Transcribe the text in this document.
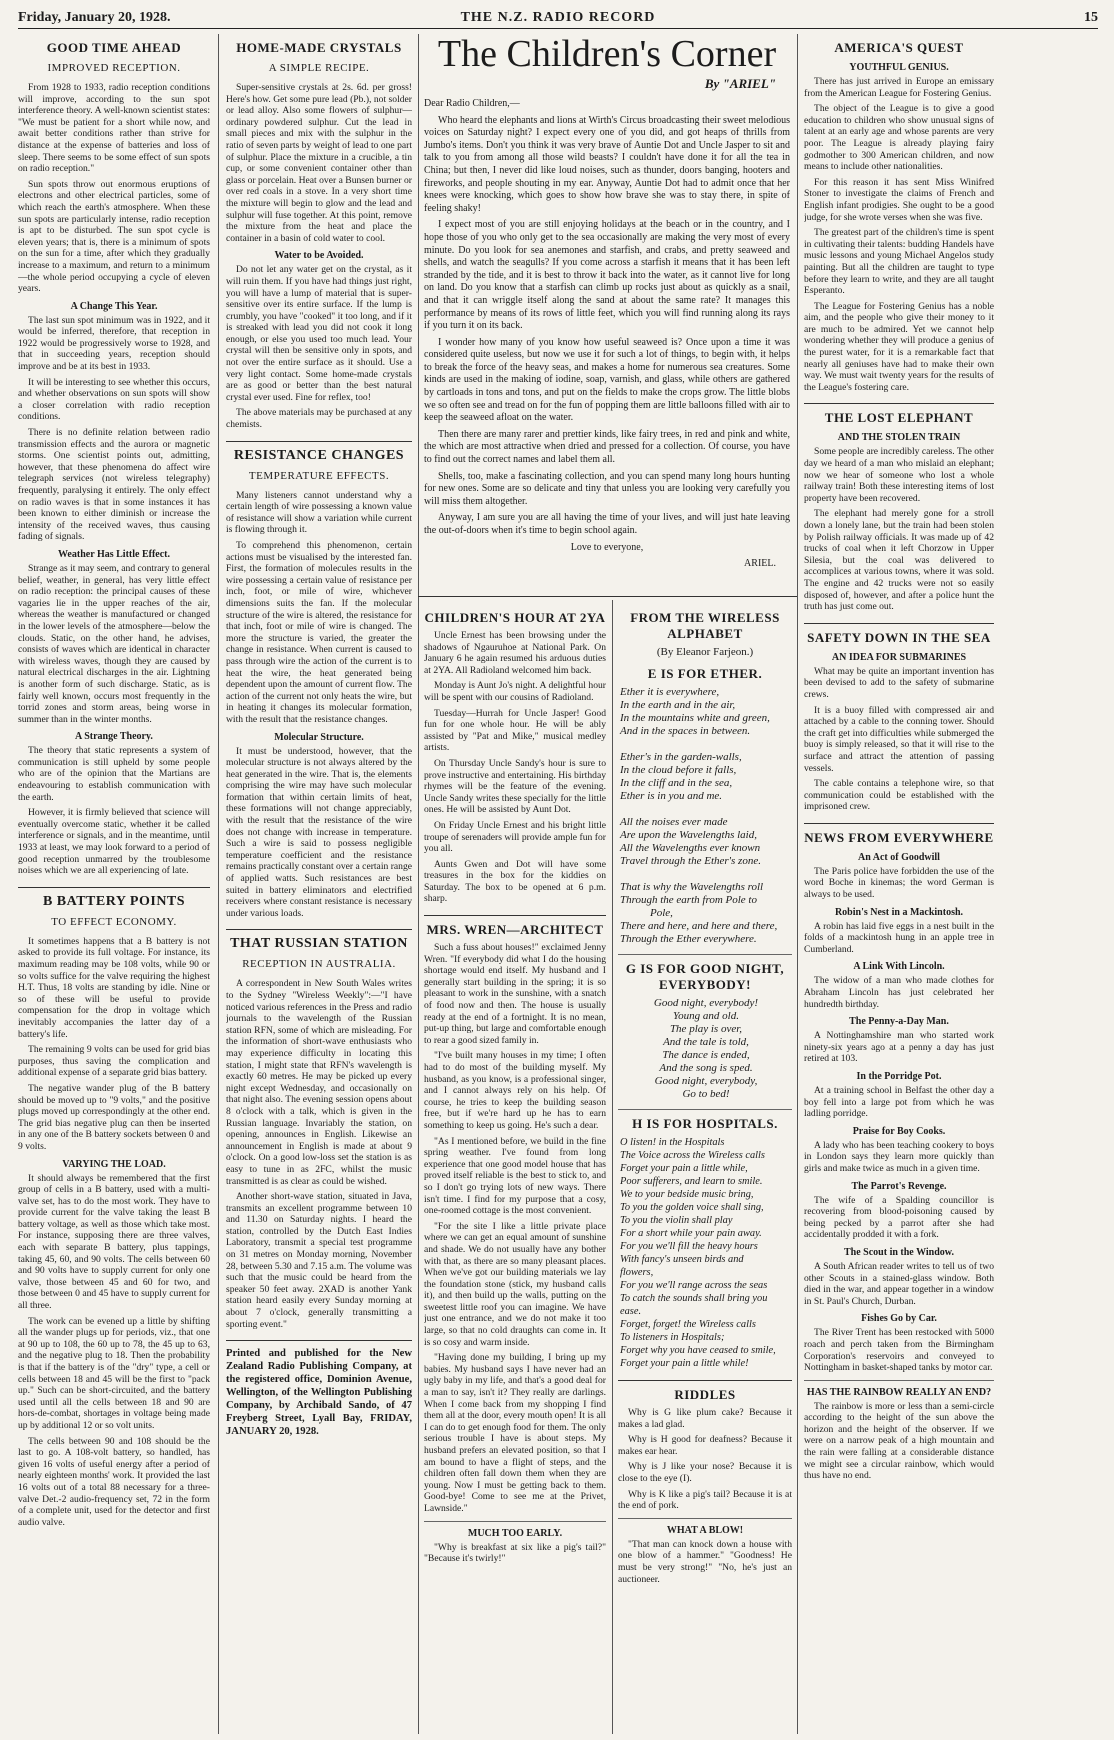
Friday, January 20, 1928.	THE N.Z. RADIO RECORD	15
GOOD TIME AHEAD
IMPROVED RECEPTION.

From 1928 to 1933, radio reception conditions will improve, according to the sun spot interference theory. A well-known scientist states: "We must be patient for a short while now, and await better conditions rather than strive for distance at the expense of batteries and loss of sleep. There seems to be some effect of sun spots on radio reception."

Sun spots throw out enormous eruptions of electrons and other electrical particles, some of which reach the earth's atmosphere. When these sun spots are particularly intense, radio reception is apt to be disturbed. The sun spot cycle is eleven years; that is, there is a minimum of spots on the sun for a time, after which they gradually increase to a maximum, and return to a minimum—the whole period occupying a cycle of eleven years.

A Change This Year.

The last sun spot minimum was in 1922, and it would be inferred, therefore, that reception in 1922 would be progressively worse to 1928, and that in succeeding years, reception should improve and be at its best in 1933.

It will be interesting to see whether this occurs, and whether observations on sun spots will show a closer correlation with radio reception conditions.

There is no definite relation between radio transmission effects and the aurora or magnetic storms. One scientist points out, admitting, however, that these phenomena do affect wire telegraph services (not wireless telegraphy) frequently, paralysing it entirely. The only effect on radio waves is that in some instances it has been known to either diminish or increase the intensity of the received waves, thus causing fading of signals.

Weather Has Little Effect.

Strange as it may seem, and contrary to general belief, weather, in general, has very little effect on radio reception: the principal causes of these vagaries lie in the upper reaches of the air, whereas the weather is manufactured or changed in the lower levels of the atmosphere—below the clouds. Static, on the other hand, he advises, consists of waves which are identical in character with wireless waves, though they are caused by natural electrical discharges in the air. Lightning is another form of such discharge. Static, as is fairly well known, occurs most frequently in the torrid zones and storm areas, being worse in summer than in the winter months.

A Strange Theory.

The theory that static represents a system of communication is still upheld by some people who are of the opinion that the Martians are endeavouring to establish communication with the earth.

However, it is firmly believed that science will eventually overcome static, whether it be called interference or signals, and in the meantime, until 1933 at least, we may look forward to a period of good reception unmarred by the troublesome noises which we are all experiencing of late.

B BATTERY POINTS
TO EFFECT ECONOMY.

It sometimes happens that a B battery is not asked to provide its full voltage. For instance, its maximum reading may be 108 volts, while 90 or so volts suffice for the valve requiring the highest H.T. Thus, 18 volts are standing by idle. Nine or so of these will be useful to provide compensation for the drop in voltage which inevitably accompanies the latter day of a battery's life.

The remaining 9 volts can be used for grid bias purposes, thus saving the complication and additional expense of a separate grid bias battery.

The negative wander plug of the B battery should be moved up to "9 volts," and the positive plugs moved up correspondingly at the other end. The grid bias negative plug can then be inserted in any one of the B battery sockets between 0 and 9 volts.

VARYING THE LOAD.

It should always be remembered that the first group of cells in a B battery, used with a multi-valve set, has to do the most work. They have to provide current for the valve taking the least B battery voltage, as well as those which take most. For instance, supposing there are three valves, each with separate B battery, plus tappings, taking 45, 60, and 90 volts. The cells between 60 and 90 volts have to supply current for only one valve, those between 45 and 60 for two, and those between 0 and 45 have to supply current for all three.

The work can be evened up a little by shifting all the wander plugs up for periods, viz., that one at 90 up to 108, the 60 up to 78, the 45 up to 63, and the negative plug to 18. Then the probability is that if the battery is of the "dry" type, a cell or cells between 18 and 45 will be the first to "pack up." Such can be short-circuited, and the battery used until all the cells between 18 and 90 are hors-de-combat, shortages in voltage being made up by additional 12 or so volt units.

The cells between 90 and 108 should be the last to go. A 108-volt battery, so handled, has given 16 volts of useful energy after a period of nearly eighteen months' work. It provided the last 16 volts out of a total 88 necessary for a three-valve Det.-2 audio-frequency set, 72 in the form of a complete unit, used for the detector and first audio valve.

HOME-MADE CRYSTALS
A SIMPLE RECIPE.

Super-sensitive crystals at 2s. 6d. per gross! Here's how. Get some pure lead (Pb.), not solder or lead alloy. Also some flowers of sulphur—ordinary powdered sulphur. Cut the lead in small pieces and mix with the sulphur in the ratio of seven parts by weight of lead to one part of sulphur. Place the mixture in a crucible, a tin cup, or some convenient container other than glass or porcelain. Heat over a Bunsen burner or over red coals in a stove. In a very short time the mixture will begin to glow and the lead and sulphur will fuse together. At this point, remove the mixture from the heat and place the container in a basin of cold water to cool.

Water to be Avoided.

Do not let any water get on the crystal, as it will ruin them. If you have had things just right, you will have a lump of material that is super-sensitive over its entire surface. If the lump is crumbly, you have "cooked" it too long, and if it is streaked with lead you did not cook it long enough, or else you used too much lead. Your crystal will then be sensitive only in spots, and not over the entire surface as it should. Use a very light contact. Some home-made crystals are as good or better than the best natural crystal ever used. Fine for reflex, too!

The above materials may be purchased at any chemists.

RESISTANCE CHANGES
TEMPERATURE EFFECTS.

Many listeners cannot understand why a certain length of wire possessing a known value of resistance will show a variation while current is flowing through it.

To comprehend this phenomenon, certain actions must be visualised by the interested fan. First, the formation of molecules results in the wire possessing a certain value of resistance per inch, foot, or mile of wire, whichever dimensions suits the fan. If the molecular structure of the wire is altered, the resistance for that inch, foot or mile of wire is changed. The more the structure is varied, the greater the change in resistance. When current is caused to pass through wire the action of the current is to heat the wire, the heat generated being dependent upon the amount of current flow. The action of the current not only heats the wire, but in heating it changes its molecular formation, with the result that the resistance changes.

Molecular Structure.

It must be understood, however, that the molecular structure is not always altered by the heat generated in the wire. That is, the elements comprising the wire may have such molecular formation that within certain limits of heat, these formations will not change appreciably, with the result that the resistance of the wire does not change with increase in temperature. Such a wire is said to possess negligible temperature coefficient and the resistance remains practically constant over a certain range of applied watts. Such resistances are best suited in battery eliminators and electrified receivers where constant resistance is necessary under various loads.

THAT RUSSIAN STATION
RECEPTION IN AUSTRALIA.

A correspondent in New South Wales writes to the Sydney "Wireless Weekly":—"I have noticed various references in the Press and radio journals to the wavelength of the Russian station RFN, some of which are misleading. For the information of short-wave enthusiasts who may experience difficulty in locating this station, I might state that RFN's wavelength is exactly 60 metres. He may be picked up every night except Wednesday, and occasionally on that night also. The evening session opens about 8 o'clock with a talk, which is given in the Russian language. Invariably the station, on opening, announces in English. Likewise an announcement in English is made at about 9 o'clock. On a good low-loss set the station is as easy to tune in as 2FC, whilst the music transmitted is as clear as could be wished.

Another short-wave station, situated in Java, transmits an excellent programme between 10 and 11.30 on Saturday nights. I heard the station, controlled by the Dutch East Indies Laboratory, transmit a special test programme on 31 metres on Monday morning, November 28, between 5.30 and 7.15 a.m. The volume was such that the music could be heard from the speaker 50 feet away. 2XAD is another Yank station heard easily every Sunday morning at about 7 o'clock, generally transmitting a sporting event."

Printed and published for the New Zealand Radio Publishing Company, at the registered office, Dominion Avenue, Wellington, of the Wellington Publishing Company, by Archibald Sando, of 47 Freyberg Street, Lyall Bay, FRIDAY, JANUARY 20, 1928.

The Children's Corner
By "ARIEL"

Dear Radio Children,—

Who heard the elephants and lions at Wirth's Circus broadcasting their sweet melodious voices on Saturday night? I expect every one of you did, and got heaps of thrills from Jumbo's items. Don't you think it was very brave of Auntie Dot and Uncle Jasper to sit and talk to you from among all those wild beasts? I couldn't have done it for all the tea in China; but then, I never did like loud noises, such as thunder, doors banging, hooters and fireworks, and people shouting in my ear. Anyway, Auntie Dot had to admit once that her knees were knocking, which goes to show how brave she was to stay there, in spite of feeling shaky!

I expect most of you are still enjoying holidays at the beach or in the country, and I hope those of you who only get to the sea occasionally are making the very most of every minute. Do you look for sea anemones and starfish, and crabs, and pretty seaweed and shells, and watch the seagulls? If you come across a starfish it means that it has been left stranded by the tide, and it is best to throw it back into the water, as it cannot live for long on land. Do you know that a starfish can climb up rocks just about as quickly as a snail, and that it can wriggle itself along the sand at about the same rate? It manages this performance by means of its rows of little feet, which you will find running along its rays if you turn it on its back.

I wonder how many of you know how useful seaweed is? Once upon a time it was considered quite useless, but now we use it for such a lot of things, to begin with, it helps to break the force of the heavy seas, and makes a home for numerous sea creatures. Some kinds are used in the making of iodine, soap, varnish, and glass, while others are gathered by cartloads in tons and tons, and put on the fields to make the crops grow. The little blobs we so often see and tread on for the fun of popping them are little balloons filled with air to keep the seaweed afloat on the water.

Then there are many rarer and prettier kinds, like fairy trees, in red and pink and white, the which are most attractive when dried and pressed for a collection. Of course, you have to find out the correct names and label them all.

Shells, too, make a fascinating collection, and you can spend many long hours hunting for new ones. Some are so delicate and tiny that unless you are looking very carefully you will miss them altogether.

Anyway, I am sure you are all having the time of your lives, and will just hate leaving the out-of-doors when it's time to begin school again.

Love to everyone,

ARIEL.
CHILDREN'S HOUR AT 2YA

Uncle Ernest has been browsing under the shadows of Ngauruhoe at National Park. On January 6 he again resumed his arduous duties at 2YA. All Radioland welcomed him back.

Monday is Aunt Jo's night. A delightful hour will be spent with our cousins of Radioland.

Tuesday—Hurrah for Uncle Jasper! Good fun for one whole hour. He will be ably assisted by "Pat and Mike," musical medley artists.

On Thursday Uncle Sandy's hour is sure to prove instructive and entertaining. His birthday rhymes will be the feature of the evening. Uncle Sandy writes these specially for the little ones. He will be assisted by Aunt Dot.

On Friday Uncle Ernest and his bright little troupe of serenaders will provide ample fun for you all.

Aunts Gwen and Dot will have some treasures in the box for the kiddies on Saturday. The box to be opened at 6 p.m. sharp.

MRS. WREN—ARCHITECT

Such a fuss about houses!" exclaimed Jenny Wren. "If everybody did what I do the housing shortage would end itself. My husband and I generally start building in the spring; it is so pleasant to work in the sunshine, with a snatch of food now and then. The house is usually ready at the end of a fortnight. It is no mean, put-up thing, but large and comfortable enough to rear a good sized family in.

"I've built many houses in my time; I often had to do most of the building myself. My husband, as you know, is a professional singer, and I cannot always rely on his help. Of course, he tries to keep the building season free, but if we're hard up he has to earn something to keep us going. He's such a dear.

"As I mentioned before, we build in the fine spring weather. I've found from long experience that one good model house that has proved itself reliable is the best to stick to, and so I don't go trying lots of new ways. There isn't time. I find for my purpose that a cosy, one-roomed cottage is the most convenient.

"For the site I like a little private place where we can get an equal amount of sunshine and shade. We do not usually have any bother with that, as there are so many pleasant places. When we've got our building materials we lay the foundation stone (stick, my husband calls it), and then build up the walls, putting on the sweetest little roof you can imagine. We have just one entrance, and we do not make it too large, so that no cold draughts can come in. It is so cosy and warm inside.

"Having done my building, I bring up my babies. My husband says I have never had an ugly baby in my life, and that's a good deal for a man to say, isn't it? They really are darlings. When I come back from my shopping I find them all at the door, every mouth open! It is all I can do to get enough food for them. The only serious trouble I have is about steps. My husband prefers an elevated position, so that I am bound to have a flight of steps, and the children often fall down them when they are young. Now I must be getting back to them. Good-bye! Come to see me at the Privet, Lawnside."

MUCH TOO EARLY.

"Why is breakfast at six like a pig's tail?" "Because it's twirly!"

FROM THE WIRELESS ALPHABET
(By Eleanor Farjeon.)
E IS FOR ETHER.
Ether it is everywhere,
In the earth and in the air,
In the mountains white and green,
And in the spaces in between.

Ether's in the garden-walls,
In the cloud before it falls,
In the cliff and in the sea,
Ether is in you and me.

All the noises ever made
Are upon the Wavelengths laid,
All the Wavelengths ever known
Travel through the Ether's zone.

That is why the Wavelengths roll
Through the earth from Pole to
Pole,
There and here, and here and there,
Through the Ether everywhere.
G IS FOR GOOD NIGHT, EVERYBODY!
Good night, everybody!
Young and old.
The play is over,
And the tale is told,
The dance is ended,
And the song is sped.
Good night, everybody,
Go to bed!
H IS FOR HOSPITALS.
O listen! in the Hospitals
The Voice across the Wireless calls
Forget your pain a little while,
Poor sufferers, and learn to smile.
We to your bedside music bring,
To you the golden voice shall sing,
To you the violin shall play
For a short while your pain away.
For you we'll fill the heavy hours
With fancy's unseen birds and
flowers,
For you we'll range across the seas
To catch the sounds shall bring you
ease.
Forget, forget! the Wireless calls
To listeners in Hospitals;
Forget why you have ceased to smile,
Forget your pain a little while!
RIDDLES

Why is G like plum cake? Because it makes a lad glad.

Why is H good for deafness? Because it makes ear hear.

Why is J like your nose? Because it is close to the eye (I).

Why is K like a pig's tail? Because it is at the end of pork.

WHAT A BLOW!

"That man can knock down a house with one blow of a hammer." "Goodness! He must be very strong!" "No, he's just an auctioneer.

AMERICA'S QUEST
YOUTHFUL GENIUS.

There has just arrived in Europe an emissary from the American League for Fostering Genius.

The object of the League is to give a good education to children who show unusual signs of talent at an early age and whose parents are very poor. The League is already playing fairy godmother to 300 American children, and now means to include other nationalities.

For this reason it has sent Miss Winifred Stoner to investigate the claims of French and English infant prodigies. She ought to be a good judge, for she wrote verses when she was five.

The greatest part of the children's time is spent in cultivating their talents: budding Handels have music lessons and young Michael Angelos study painting. But all the children are taught to type before they learn to write, and they are all taught Esperanto.

The League for Fostering Genius has a noble aim, and the people who give their money to it are much to be admired. Yet we cannot help wondering whether they will produce a genius of the purest water, for it is a remarkable fact that nearly all geniuses have had to make their own way. We must wait twenty years for the results of the League's fostering care.

THE LOST ELEPHANT
AND THE STOLEN TRAIN

Some people are incredibly careless. The other day we heard of a man who mislaid an elephant; now we hear of someone who lost a whole railway train! Both these interesting items of lost property have been recovered.

The elephant had merely gone for a stroll down a lonely lane, but the train had been stolen by Polish railway officials. It was made up of 42 trucks of coal when it left Chorzow in Upper Silesia, but the coal was delivered to accomplices at various towns, where it was sold. The engine and 42 trucks were not so easily disposed of, however, and after a police hunt the truth has just come out.

SAFETY DOWN IN THE SEA
AN IDEA FOR SUBMARINES

What may be quite an important invention has been devised to add to the safety of submarine crews.

It is a buoy filled with compressed air and attached by a cable to the conning tower. Should the craft get into difficulties while submerged the buoy is simply released, so that it will rise to the surface and attract the attention of passing vessels.

The cable contains a telephone wire, so that communication could be established with the imprisoned crew.

NEWS FROM EVERYWHERE
An Act of Goodwill

The Paris police have forbidden the use of the word Boche in kinemas; the word German is always to be used.

Robin's Nest in a Mackintosh.

A robin has laid five eggs in a nest built in the folds of a mackintosh hung in an apple tree in Cumberland.

A Link With Lincoln.

The widow of a man who made clothes for Abraham Lincoln has just celebrated her hundredth birthday.

The Penny-a-Day Man.

A Nottinghamshire man who started work ninety-six years ago at a penny a day has just retired at 103.

In the Porridge Pot.

At a training school in Belfast the other day a boy fell into a large pot from which he was ladling porridge.

Praise for Boy Cooks.

A lady who has been teaching cookery to boys in London says they learn more quickly than girls and make twice as much in a given time.

The Parrot's Revenge.

The wife of a Spalding councillor is recovering from blood-poisoning caused by being pecked by a parrot after she had accidentally prodded it with a fork.

The Scout in the Window.

A South African reader writes to tell us of two other Scouts in a stained-glass window. Both died in the war, and appear together in a window in St. Paul's Church, Durban.

Fishes Go by Car.

The River Trent has been restocked with 5000 roach and perch taken from the Birmingham Corporation's reservoirs and conveyed to Nottingham in basket-shaped tanks by motor car.

HAS THE RAINBOW REALLY AN END?

The rainbow is more or less than a semi-circle according to the height of the sun above the horizon and the height of the observer. If we were on a narrow peak of a high mountain and the rain were falling at a considerable distance we might see a circular rainbow, which would thus have no end.
